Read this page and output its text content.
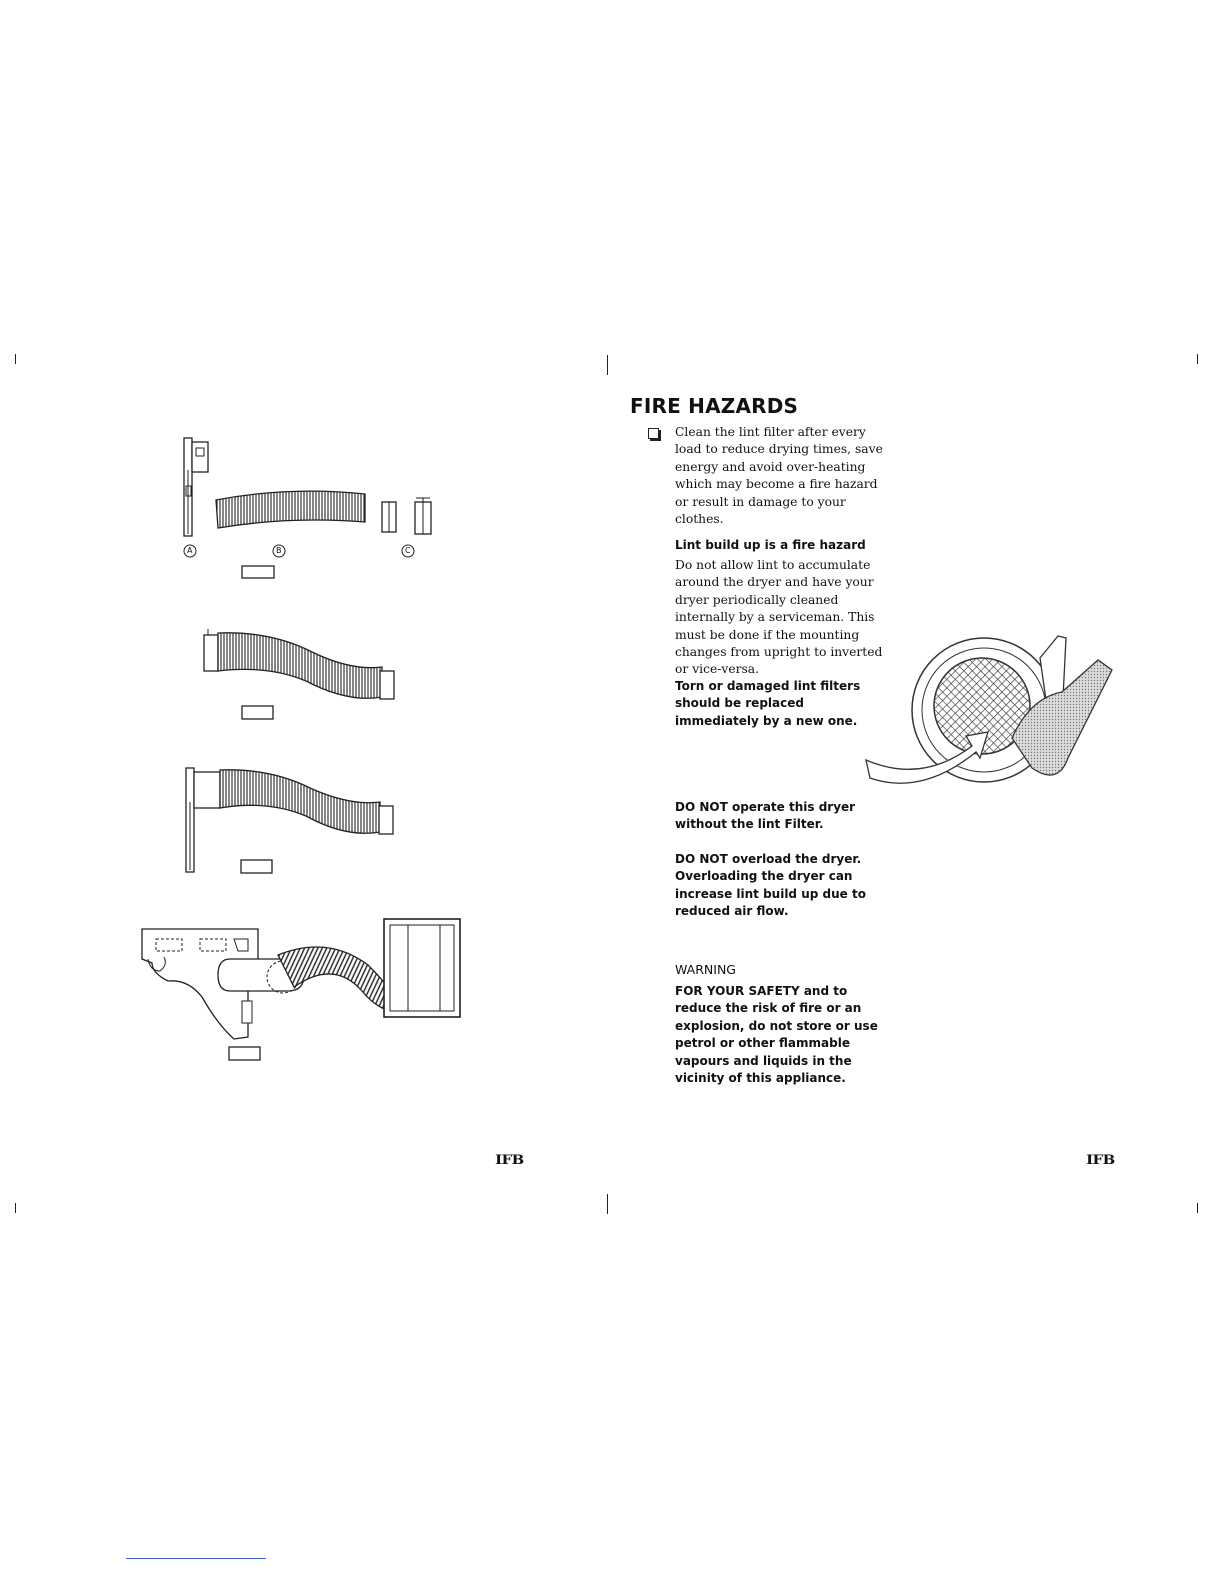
A	B	C
IFB
FIRE HAZARDS
Clean the lint filter after every load to reduce drying times, save energy and avoid over-heating which may become a fire hazard or result in damage to your clothes.
Lint build up is a fire hazard
Do not allow lint to accumulate around the dryer and have your dryer periodically cleaned internally by a serviceman. This must be done if the mounting changes from upright to inverted or vice-versa.
Torn or damaged lint filters should be replaced immediately by a new one.
DO NOT operate this dryer without the lint Filter.
DO NOT overload the dryer. Overloading the dryer can increase lint build up due to reduced air flow.
WARNING
FOR YOUR SAFETY and to reduce the risk of fire or an explosion, do not store or use petrol or other flammable vapours and liquids in the vicinity of this appliance.
IFB
